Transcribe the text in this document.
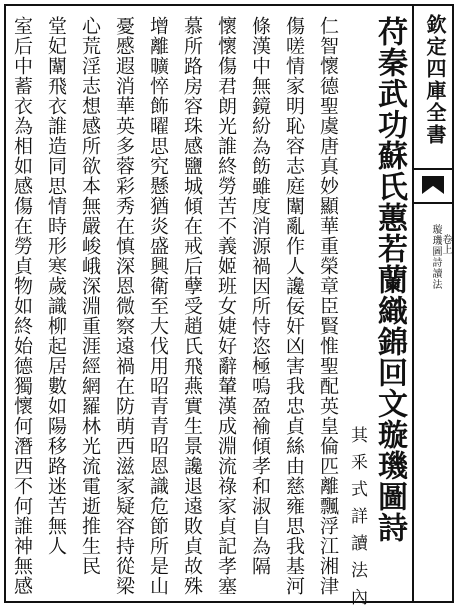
欽定四庫全書
璇璣圖詩讀法 卷上
苻秦武功蘇氏蕙若蘭織錦回文璇璣圖詩
其釆式詳讀法內
仁智懷德聖虞唐真妙顯華重榮章臣賢惟聖配英皇倫匹離飄浮江湘津
傷嗟情家明恥容志庭闈亂作人讒佞奸凶害我忠貞絲由慈雍思我基河
條漢中無鏡紛為飭雖度消源禍因所恃恣極嗚盈褕傾孝和淑自為隔
懷懷傷君朗光誰終勞苦不義姬班女婕好辭輦漢成淵流祿家貞記孝塞
慕所路房容珠感鹽城傾在戒后孽受趙氏飛燕實生景讒退遠敗貞故殊
增離曠悴飾曜思究懸猶炎盛興衛至大伐用昭青青昭恩識危節所是山
憂慼遐消華英多蓉彩秀在慎深恩微察遠禍在防萌西滋家疑容持從梁
心荒淫志想感所欲本無嚴峻峨深淵重涯經網羅林光流電逝推生民
堂妃闈飛衣誰造同思情時形寒歲識柳起居數如陽移路迷苦無人
室后中蓄衣為相如感傷在勞貞物如終始德獨懷何潛西不何誰神無感
